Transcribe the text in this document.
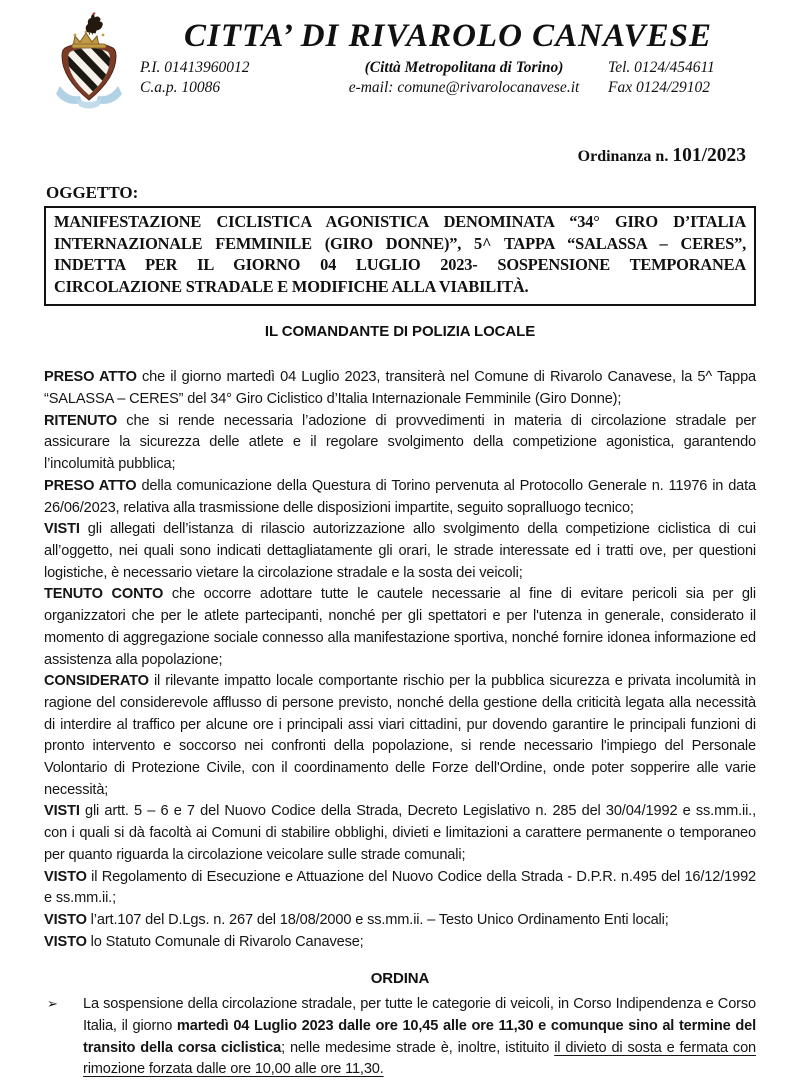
CITTA’ DI RIVAROLO CANAVESE
P.I. 01413960012	(Città Metropolitana di Torino)	Tel. 0124/454611
C.a.p. 10086	e-mail: comune@rivarolocanavese.it	Fax 0124/29102
Ordinanza n. 101/2023
OGGETTO:
MANIFESTAZIONE CICLISTICA AGONISTICA DENOMINATA “34° GIRO D’ITALIA INTERNAZIONALE FEMMINILE (GIRO DONNE)”, 5^ TAPPA “SALASSA – CERES”, INDETTA PER IL GIORNO 04 LUGLIO 2023- SOSPENSIONE TEMPORANEA CIRCOLAZIONE STRADALE E MODIFICHE ALLA VIABILITÀ.
IL COMANDANTE DI POLIZIA LOCALE

PRESO ATTO che il giorno martedì 04 Luglio 2023, transiterà nel Comune di Rivarolo Canavese, la 5^ Tappa “SALASSA – CERES” del 34° Giro Ciclistico d’Italia Internazionale Femminile (Giro Donne);

RITENUTO che si rende necessaria l’adozione di provvedimenti in materia di circolazione stradale per assicurare la sicurezza delle atlete e il regolare svolgimento della competizione agonistica, garantendo l’incolumità pubblica;

PRESO ATTO della comunicazione della Questura di Torino pervenuta al Protocollo Generale n. 11976 in data 26/06/2023, relativa alla trasmissione delle disposizioni impartite, seguito sopralluogo tecnico;

VISTI gli allegati dell’istanza di rilascio autorizzazione allo svolgimento della competizione ciclistica di cui all’oggetto, nei quali sono indicati dettagliatamente gli orari, le strade interessate ed i tratti ove, per questioni logistiche, è necessario vietare la circolazione stradale e la sosta dei veicoli;

TENUTO CONTO che occorre adottare tutte le cautele necessarie al fine di evitare pericoli sia per gli organizzatori che per le atlete partecipanti, nonché per gli spettatori e per l'utenza in generale, considerato il momento di aggregazione sociale connesso alla manifestazione sportiva, nonché fornire idonea informazione ed assistenza alla popolazione;

CONSIDERATO il rilevante impatto locale comportante rischio per la pubblica sicurezza e privata incolumità in ragione del considerevole afflusso di persone previsto, nonché della gestione della criticità legata alla necessità di interdire al traffico per alcune ore i principali assi viari cittadini, pur dovendo garantire le principali funzioni di pronto intervento e soccorso nei confronti della popolazione, si rende necessario l'impiego del Personale Volontario di Protezione Civile, con il coordinamento delle Forze dell'Ordine, onde poter sopperire alle varie necessità;

VISTI gli artt. 5 – 6 e 7 del Nuovo Codice della Strada, Decreto Legislativo n. 285 del 30/04/1992 e ss.mm.ii., con i quali si dà facoltà ai Comuni di stabilire obblighi, divieti e limitazioni a carattere permanente o temporaneo per quanto riguarda la circolazione veicolare sulle strade comunali;

VISTO il Regolamento di Esecuzione e Attuazione del Nuovo Codice della Strada - D.P.R. n.495 del 16/12/1992 e ss.mm.ii.;

VISTO l’art.107 del D.Lgs. n. 267 del 18/08/2000 e ss.mm.ii. – Testo Unico Ordinamento Enti locali;

VISTO lo Statuto Comunale di Rivarolo Canavese;

ORDINA
➢	La sospensione della circolazione stradale, per tutte le categorie di veicoli, in Corso Indipendenza e Corso Italia, il giorno martedì 04 Luglio 2023 dalle ore 10,45 alle ore 11,30 e comunque sino al termine del transito della corsa ciclistica; nelle medesime strade è, inoltre, istituito il divieto di sosta e fermata con rimozione forzata dalle ore 10,00 alle ore 11,30.
